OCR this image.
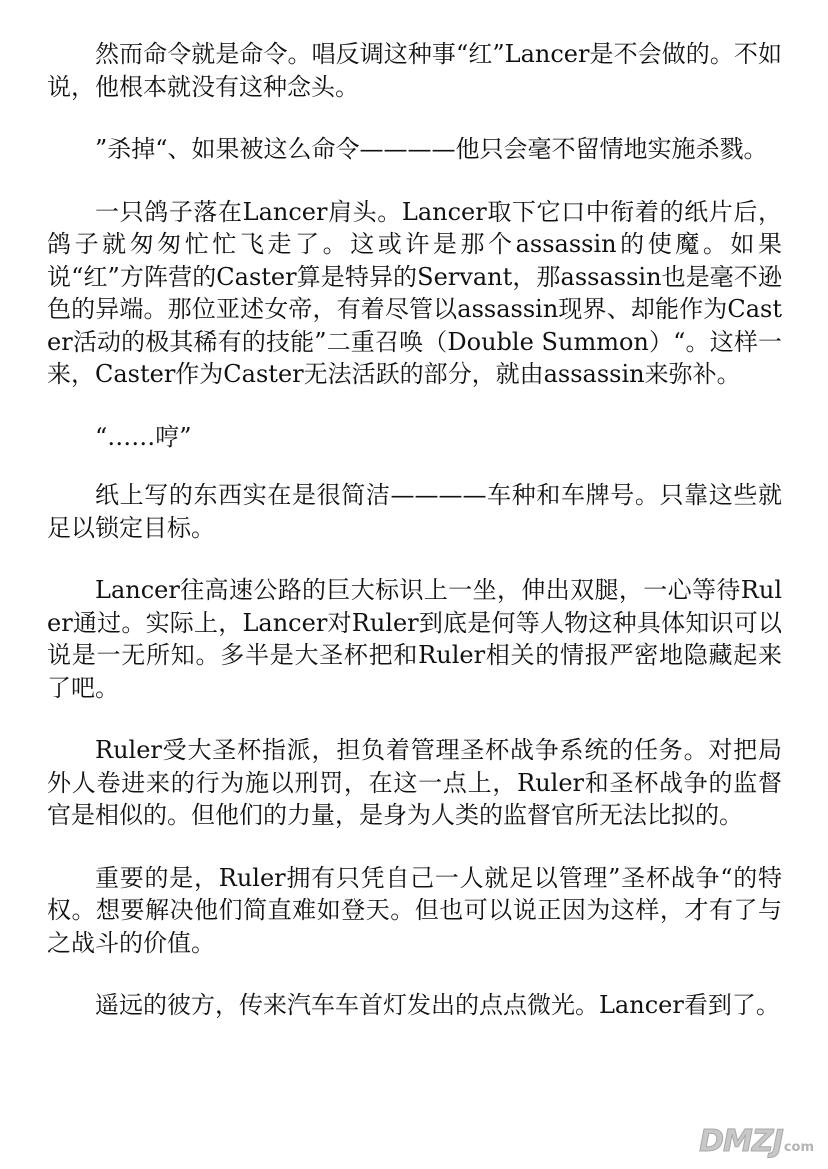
然而命令就是命令。唱反调这种事“红”Lancer是不会做的。不如说，他根本就没有这种念头。

”杀掉“、如果被这么命令————他只会毫不留情地实施杀戮。

一只鸽子落在Lancer肩头。Lancer取下它口中衔着的纸片后，鸽子就匆匆忙忙飞走了。这或许是那个assassin的使魔。如果说“红”方阵营的Caster算是特异的Servant，那assassin也是毫不逊色的异端。那位亚述女帝，有着尽管以assassin现界、却能作为Caster活动的极其稀有的技能”二重召唤（Double Summon）“。这样一来，Caster作为Caster无法活跃的部分，就由assassin来弥补。

“……哼”

纸上写的东西实在是很简洁————车种和车牌号。只靠这些就足以锁定目标。

Lancer往高速公路的巨大标识上一坐，伸出双腿，一心等待Ruler通过。实际上，Lancer对Ruler到底是何等人物这种具体知识可以说是一无所知。多半是大圣杯把和Ruler相关的情报严密地隐藏起来了吧。

Ruler受大圣杯指派，担负着管理圣杯战争系统的任务。对把局外人卷进来的行为施以刑罚，在这一点上，Ruler和圣杯战争的监督官是相似的。但他们的力量，是身为人类的监督官所无法比拟的。

重要的是，Ruler拥有只凭自己一人就足以管理”圣杯战争“的特权。想要解决他们简直难如登天。但也可以说正因为这样，才有了与之战斗的价值。

遥远的彼方，传来汽车车首灯发出的点点微光。Lancer看到了。

DMZJ com
